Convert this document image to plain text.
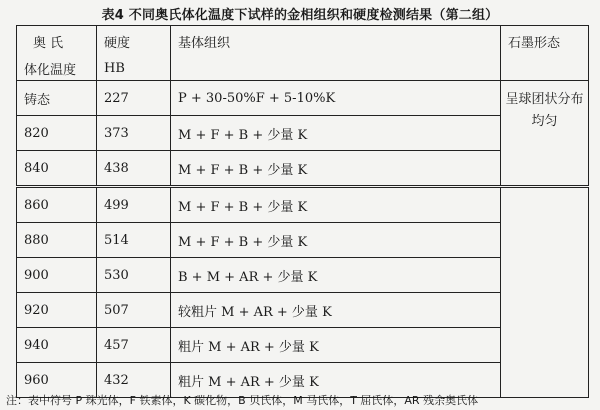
表4 不同奥氏体化温度下试样的金相组织和硬度检测结果（第二组）
奥 氏	硬度	基体组织	石墨形态
体化温度	HB		
铸态	227	P + 30-50%F + 5-10%K	呈球团状分布均匀
820	373	M + F + B + 少量 K	
840	438	M + F + B + 少量 K	
860	499	M + F + B + 少量 K	
880	514	M + F + B + 少量 K	
900	530	B + M + AR + 少量 K	
920	507	较粗片 M + AR + 少量 K	
940	457	粗片 M + AR + 少量 K	
960	432	粗片 M + AR + 少量 K	
注：表中符号 P 珠光体，F 铁素体，K 碳化物，B 贝氏体，M 马氏体，T 屈氏体，AR 残余奥氏体
